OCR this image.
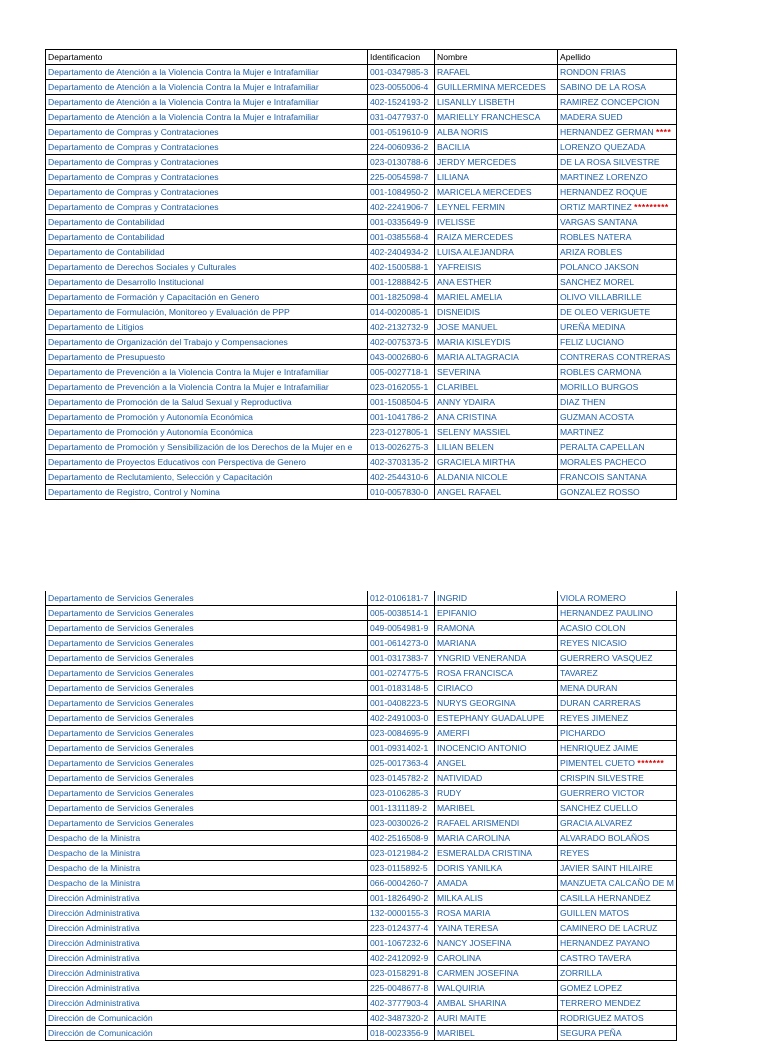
Departamento	Identificacion	Nombre	Apellido
Departamento de Atención a la Violencia Contra la Mujer e Intrafamiliar	001-0347985-3	RAFAEL	RONDON FRIAS
Departamento de Atención a la Violencia Contra la Mujer e Intrafamiliar	023-0055006-4	GUILLERMINA MERCEDES	SABINO DE LA ROSA
Departamento de Atención a la Violencia Contra la Mujer e Intrafamiliar	402-1524193-2	LISANLLY LISBETH	RAMIREZ CONCEPCION
Departamento de Atención a la Violencia Contra la Mujer e Intrafamiliar	031-0477937-0	MARIELLY FRANCHESCA	MADERA SUED
Departamento de Compras y Contrataciones	001-0519610-9	ALBA NORIS	HERNANDEZ GERMAN ****
Departamento de Compras y Contrataciones	224-0060936-2	BACILIA	LORENZO QUEZADA
Departamento de Compras y Contrataciones	023-0130788-6	JERDY MERCEDES	DE LA ROSA SILVESTRE
Departamento de Compras y Contrataciones	225-0054598-7	LILIANA	MARTINEZ LORENZO
Departamento de Compras y Contrataciones	001-1084950-2	MARICELA MERCEDES	HERNANDEZ ROQUE
Departamento de Compras y Contrataciones	402-2241906-7	LEYNEL FERMIN	ORTIZ MARTINEZ *********
Departamento de Contabilidad	001-0335649-9	IVELISSE	VARGAS SANTANA
Departamento de Contabilidad	001-0385568-4	RAIZA MERCEDES	ROBLES NATERA
Departamento de Contabilidad	402-2404934-2	LUISA ALEJANDRA	ARIZA ROBLES
Departamento de Derechos Sociales y Culturales	402-1500588-1	YAFREISIS	POLANCO JAKSON
Departamento de Desarrollo Institucional	001-1288842-5	ANA ESTHER	SANCHEZ MOREL
Departamento de Formación y Capacitación en Genero	001-1825098-4	MARIEL AMELIA	OLIVO VILLABRILLE
Departamento de Formulación, Monitoreo y Evaluación de PPP	014-0020085-1	DISNEIDIS	DE OLEO VERIGUETE
Departamento de Litigios	402-2132732-9	JOSE MANUEL	UREÑA MEDINA
Departamento de Organización del Trabajo y Compensaciones	402-0075373-5	MARIA KISLEYDIS	FELIZ LUCIANO
Departamento de Presupuesto	043-0002680-6	MARIA ALTAGRACIA	CONTRERAS CONTRERAS
Departamento de Prevención a la Violencia Contra la Mujer e Intrafamiliar	005-0027718-1	SEVERINA	ROBLES CARMONA
Departamento de Prevención a la Violencia Contra la Mujer e Intrafamiliar	023-0162055-1	CLARIBEL	MORILLO BURGOS
Departamento de Promoción de la Salud Sexual y Reproductiva	001-1508504-5	ANNY YDAIRA	DIAZ THEN
Departamento de Promoción y Autonomía Económica	001-1041786-2	ANA CRISTINA	GUZMAN ACOSTA
Departamento de Promoción y Autonomía Económica	223-0127805-1	SELENY MASSIEL	MARTINEZ
Departamento de Promoción y Sensibilización de los Derechos de la Mujer en e	013-0026275-3	LILIAN BELEN	PERALTA CAPELLAN
Departamento de Proyectos Educativos con Perspectiva de Genero	402-3703135-2	GRACIELA MIRTHA	MORALES PACHECO
Departamento de Reclutamiento, Selección y Capacitación	402-2544310-6	ALDANIA NICOLE	FRANCOIS SANTANA
Departamento de Registro, Control y Nomina	010-0057830-0	ANGEL RAFAEL	GONZALEZ ROSSO
Departamento de Servicios Generales	012-0106181-7	INGRID	VIOLA ROMERO
Departamento de Servicios Generales	005-0038514-1	EPIFANIO	HERNANDEZ PAULINO
Departamento de Servicios Generales	049-0054981-9	RAMONA	ACASIO COLON
Departamento de Servicios Generales	001-0614273-0	MARIANA	REYES NICASIO
Departamento de Servicios Generales	001-0317383-7	YNGRID VENERANDA	GUERRERO VASQUEZ
Departamento de Servicios Generales	001-0274775-5	ROSA FRANCISCA	TAVAREZ
Departamento de Servicios Generales	001-0183148-5	CIRIACO	MENA DURAN
Departamento de Servicios Generales	001-0408223-5	NURYS GEORGINA	DURAN CARRERAS
Departamento de Servicios Generales	402-2491003-0	ESTEPHANY GUADALUPE	REYES JIMENEZ
Departamento de Servicios Generales	023-0084695-9	AMERFI	PICHARDO
Departamento de Servicios Generales	001-0931402-1	INOCENCIO ANTONIO	HENRIQUEZ JAIME
Departamento de Servicios Generales	025-0017363-4	ANGEL	PIMENTEL CUETO *******
Departamento de Servicios Generales	023-0145782-2	NATIVIDAD	CRISPIN SILVESTRE
Departamento de Servicios Generales	023-0106285-3	RUDY	GUERRERO VICTOR
Departamento de Servicios Generales	001-1311189-2	MARIBEL	SANCHEZ CUELLO
Departamento de Servicios Generales	023-0030026-2	RAFAEL ARISMENDI	GRACIA ALVAREZ
Despacho de la Ministra	402-2516508-9	MARIA CAROLINA	ALVARADO BOLAÑOS
Despacho de la Ministra	023-0121984-2	ESMERALDA CRISTINA	REYES
Despacho de la Ministra	023-0115892-5	DORIS YANILKA	JAVIER SAINT HILAIRE
Despacho de la Ministra	066-0004260-7	AMADA	MANZUETA CALCAÑO DE M
Dirección Administrativa	001-1826490-2	MILKA ALIS	CASILLA HERNANDEZ
Dirección Administrativa	132-0000155-3	ROSA MARIA	GUILLEN MATOS
Dirección Administrativa	223-0124377-4	YAINA TERESA	CAMINERO DE LACRUZ
Dirección Administrativa	001-1067232-6	NANCY JOSEFINA	HERNANDEZ PAYANO
Dirección Administrativa	402-2412092-9	CAROLINA	CASTRO TAVERA
Dirección Administrativa	023-0158291-8	CARMEN JOSEFINA	ZORRILLA
Dirección Administrativa	225-0048677-8	WALQUIRIA	GOMEZ LOPEZ
Dirección Administrativa	402-3777903-4	AMBAL SHARINA	TERRERO MENDEZ
Dirección de Comunicación	402-3487320-2	AURI MAITE	RODRIGUEZ MATOS
Dirección de Comunicación	018-0023356-9	MARIBEL	SEGURA PEÑA
